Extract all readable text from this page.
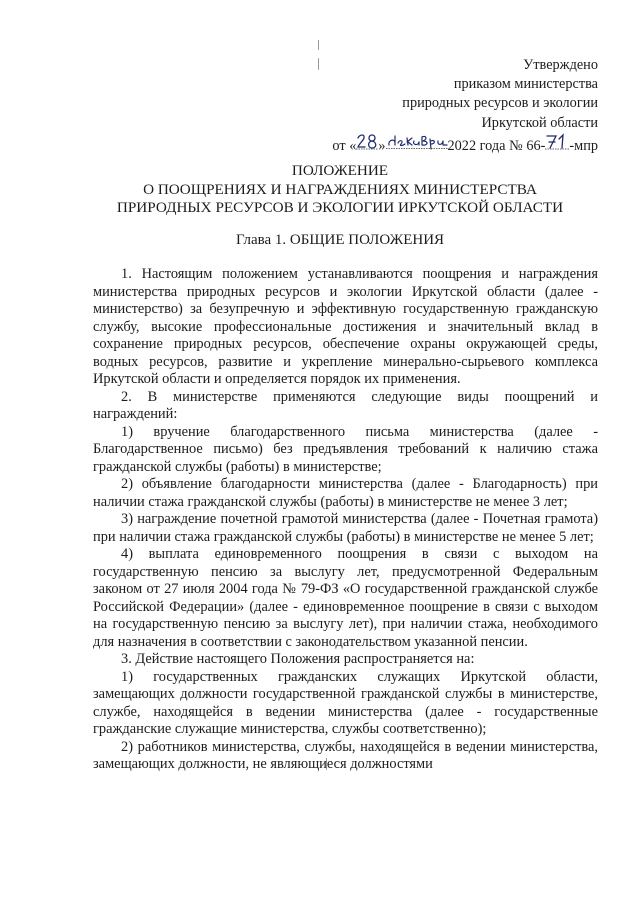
Утверждено
приказом министерства
природных ресурсов и экологии
Иркутской области
от « »	2022 года № 66- -мпр
ПОЛОЖЕНИЕ
О ПООЩРЕНИЯХ И НАГРАЖДЕНИЯХ МИНИСТЕРСТВА
ПРИРОДНЫХ РЕСУРСОВ И ЭКОЛОГИИ ИРКУТСКОЙ ОБЛАСТИ
Глава 1. ОБЩИЕ ПОЛОЖЕНИЯ

1. Настоящим положением устанавливаются поощрения и награждения министерства природных ресурсов и экологии Иркутской области (далее - министерство) за безупречную и эффективную государственную гражданскую службу, высокие профессиональные достижения и значительный вклад в сохранение природных ресурсов, обеспечение охраны окружающей среды, водных ресурсов, развитие и укрепление минерально-сырьевого комплекса Иркутской области и определяется порядок их применения.

2. В министерстве применяются следующие виды поощрений и награждений:

1) вручение благодарственного письма министерства (далее - Благодарственное письмо) без предъявления требований к наличию стажа гражданской службы (работы) в министерстве;

2) объявление благодарности министерства (далее - Благодарность) при наличии стажа гражданской службы (работы) в министерстве не менее 3 лет;

3) награждение почетной грамотой министерства (далее - Почетная грамота) при наличии стажа гражданской службы (работы) в министерстве не менее 5 лет;

4) выплата единовременного поощрения в связи с выходом на государственную пенсию за выслугу лет, предусмотренной Федеральным законом от 27 июля 2004 года № 79-ФЗ «О государственной гражданской службе Российской Федерации» (далее - единовременное поощрение в связи с выходом на государственную пенсию за выслугу лет), при наличии стажа, необходимого для назначения в соответствии с законодательством указанной пенсии.

3. Действие настоящего Положения распространяется на:

1) государственных гражданских служащих Иркутской области, замещающих должности государственной гражданской службы в министерстве, службе, находящейся в ведении министерства (далее - государственные гражданские служащие министерства, службы соответственно);

2) работников министерства, службы, находящейся в ведении министерства, замещающих должности, не являющиеся должностями
